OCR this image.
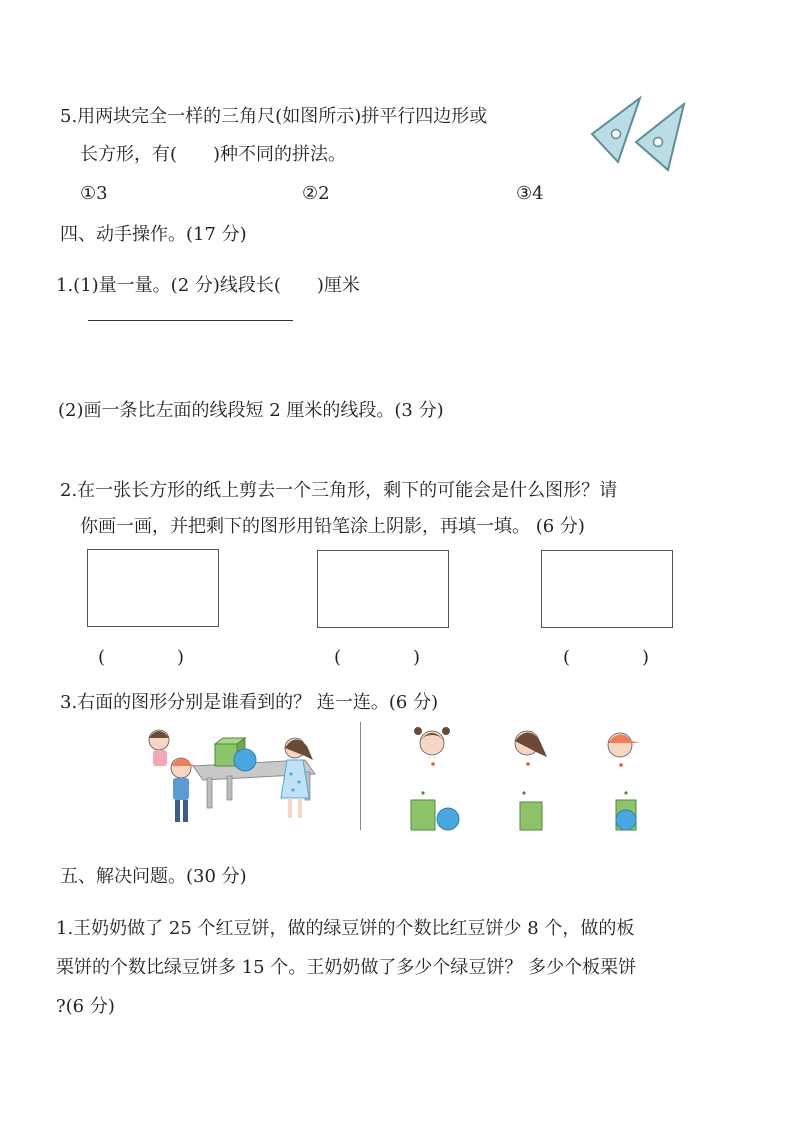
5.用两块完全一样的三角尺(如图所示)拼平行四边形或
长方形，有(　　)种不同的拼法。
①3	②2	③4
四、动手操作。(17 分)
1.(1)量一量。(2 分)线段长(　　)厘米
(2)画一条比左面的线段短 2 厘米的线段。(3 分)
2.在一张长方形的纸上剪去一个三角形，剩下的可能会是什么图形？请
你画一画，并把剩下的图形用铅笔涂上阴影，再填一填。 (6 分)
(　　　　)	(　　　　)	(　　　　)
3.右面的图形分别是谁看到的？ 连一连。(6 分)
五、解决问题。(30 分)
1.王奶奶做了 25 个红豆饼，做的绿豆饼的个数比红豆饼少 8 个，做的板
栗饼的个数比绿豆饼多 15 个。王奶奶做了多少个绿豆饼？ 多少个板栗饼
?(6 分)
